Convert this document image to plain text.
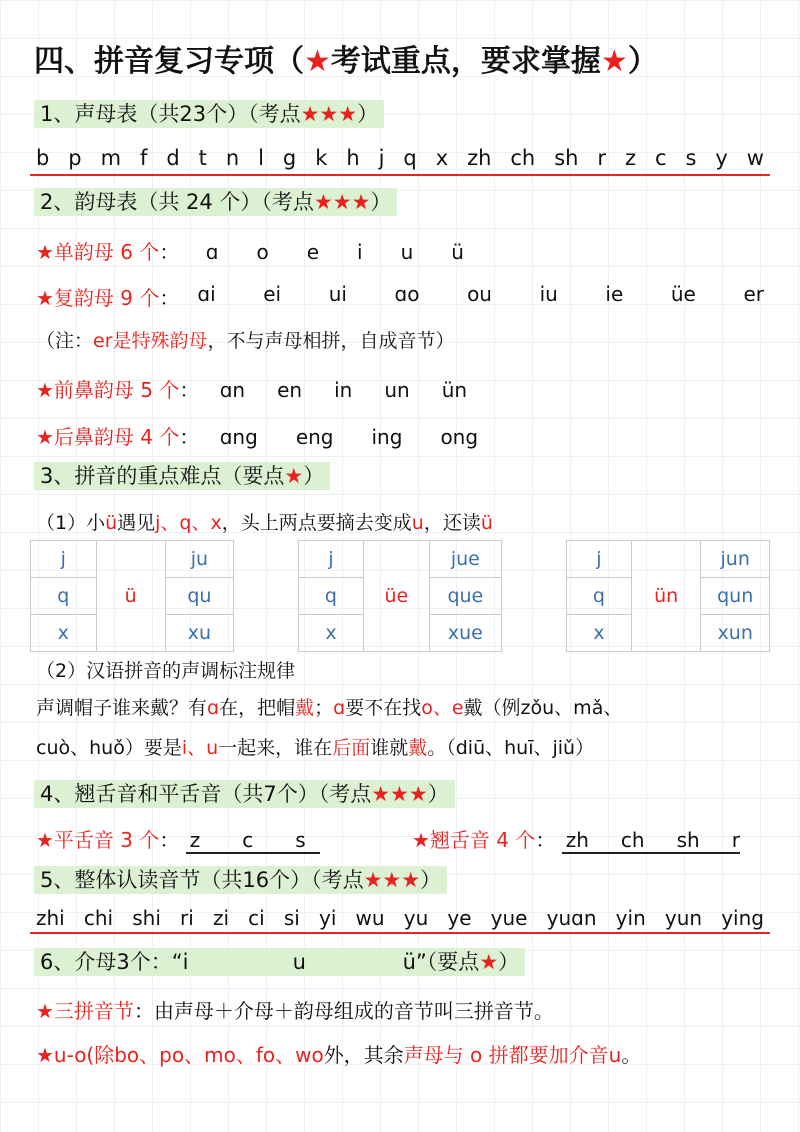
四、拼音复习专项（★考试重点，要求掌握★）
1、声母表（共23个）（考点★★★）
b p m f d t n l g k h j q x zh ch sh r z c s y w
2、韵母表（共 24 个）（考点★★★）
★单韵母 6 个： ɑ o e i u ü
★复韵母 9 个： ɑi ei ui ɑo ou iu ie üe er
（注：er是特殊韵母，不与声母相拼，自成音节）
★前鼻韵母 5 个： ɑn en in un ün
★后鼻韵母 4 个： ɑng eng ing ong
3、拼音的重点难点（要点★）
（1）小ü遇见j、q、x，头上两点要摘去变成u，还读ü
j	ü	ju
q		qu
x		xu
j	üe	jue
q		que
x		xue
j	ün	jun
q		qun
x		xun
（2）汉语拼音的声调标注规律
声调帽子谁来戴？有ɑ在，把帽戴；ɑ要不在找o、e戴（例zǒu、mǎ、
cuò、huǒ）要是i、u一起来，谁在后面谁就戴。（diū、huī、jiǔ）
4、翘舌音和平舌音（共7个）（考点★★★）
★平舌音 3 个： z c s	★翘舌音 4 个： zh ch sh r
5、整体认读音节（共16个）（考点★★★）
zhi chi shi ri zi ci si yi wu yu ye yue yuɑn yin yun ying
6、介母3个：“i	u	ü”（要点★）
★三拼音节：由声母＋介母＋韵母组成的音节叫三拼音节。
★u-o(除bo、po、mo、fo、wo外，其余声母与 o 拼都要加介音u。
